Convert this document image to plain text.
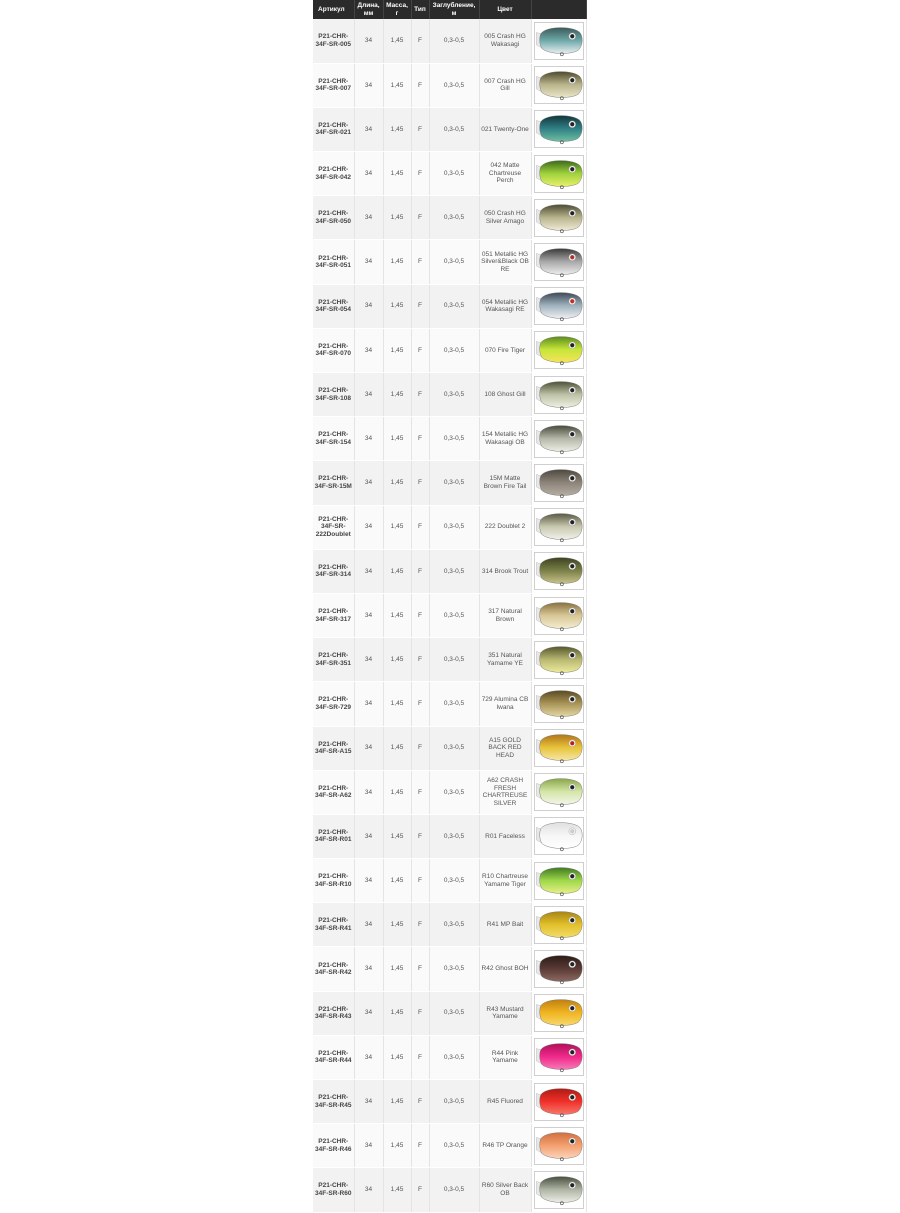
Артикул	Длина, мм	Масса, г	Тип	Заглубление, м	Цвет	
P21-CHR-34F-SR-005	34	1,45	F	0,3-0,5	005 Crash HG Wakasagi	

P21-CHR-34F-SR-007	34	1,45	F	0,3-0,5	007 Crash HG Gill	

P21-CHR-34F-SR-021	34	1,45	F	0,3-0,5	021 Twenty-One	

P21-CHR-34F-SR-042	34	1,45	F	0,3-0,5	042 Matte Chartreuse Perch	

P21-CHR-34F-SR-050	34	1,45	F	0,3-0,5	050 Crash HG Silver Amago	

P21-CHR-34F-SR-051	34	1,45	F	0,3-0,5	051 Metallic HG Silver&Black OB RE	

P21-CHR-34F-SR-054	34	1,45	F	0,3-0,5	054 Metallic HG Wakasagi RE	

P21-CHR-34F-SR-070	34	1,45	F	0,3-0,5	070 Fire Tiger	

P21-CHR-34F-SR-108	34	1,45	F	0,3-0,5	108 Ghost Gill	

P21-CHR-34F-SR-154	34	1,45	F	0,3-0,5	154 Metallic HG Wakasagi OB	

P21-CHR-34F-SR-15M	34	1,45	F	0,3-0,5	15M Matte Brown Fire Tail	

P21-CHR-34F-SR-222Doublet	34	1,45	F	0,3-0,5	222 Doublet 2	

P21-CHR-34F-SR-314	34	1,45	F	0,3-0,5	314 Brook Trout	

P21-CHR-34F-SR-317	34	1,45	F	0,3-0,5	317 Natural Brown	

P21-CHR-34F-SR-351	34	1,45	F	0,3-0,5	351 Natural Yamame YE	

P21-CHR-34F-SR-729	34	1,45	F	0,3-0,5	729 Alumina CB Iwana	

P21-CHR-34F-SR-A15	34	1,45	F	0,3-0,5	A15 GOLD BACK RED HEAD	

P21-CHR-34F-SR-A62	34	1,45	F	0,3-0,5	A62 CRASH FRESH CHARTREUSE SILVER	

P21-CHR-34F-SR-R01	34	1,45	F	0,3-0,5	R01 Faceless	

P21-CHR-34F-SR-R10	34	1,45	F	0,3-0,5	R10 Chartreuse Yamame Tiger	

P21-CHR-34F-SR-R41	34	1,45	F	0,3-0,5	R41 MP Bait	

P21-CHR-34F-SR-R42	34	1,45	F	0,3-0,5	R42 Ghost BOH	

P21-CHR-34F-SR-R43	34	1,45	F	0,3-0,5	R43 Mustard Yamame	

P21-CHR-34F-SR-R44	34	1,45	F	0,3-0,5	R44 Pink Yamame	

P21-CHR-34F-SR-R45	34	1,45	F	0,3-0,5	R45 Fluored	

P21-CHR-34F-SR-R46	34	1,45	F	0,3-0,5	R46 TP Orange	

P21-CHR-34F-SR-R60	34	1,45	F	0,3-0,5	R60 Silver Back OB	
